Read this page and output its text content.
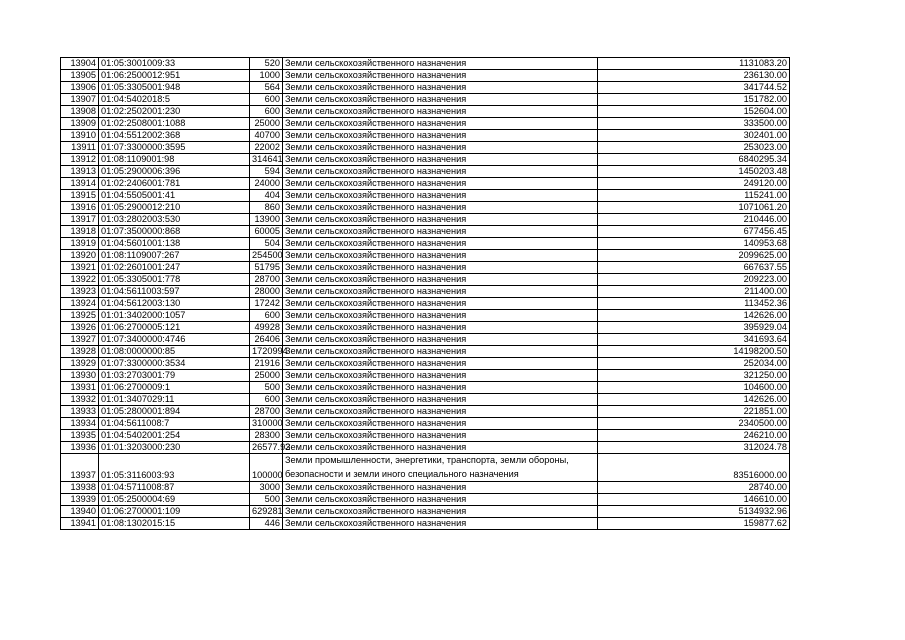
13904	01:05:3001009:33	520	Земли сельскохозяйственного назначения	1131083.20
13905	01:06:2500012:951	1000	Земли сельскохозяйственного назначения	236130.00
13906	01:05:3305001:948	564	Земли сельскохозяйственного назначения	341744.52
13907	01:04:5402018:5	600	Земли сельскохозяйственного назначения	151782.00
13908	01:02:2502001:230	600	Земли сельскохозяйственного назначения	152604.00
13909	01:02:2508001:1088	25000	Земли сельскохозяйственного назначения	333500.00
13910	01:04:5512002:368	40700	Земли сельскохозяйственного назначения	302401.00
13911	01:07:3300000:3595	22002	Земли сельскохозяйственного назначения	253023.00
13912	01:08:1109001:98	314641	Земли сельскохозяйственного назначения	6840295.34
13913	01:05:2900006:396	594	Земли сельскохозяйственного назначения	1450203.48
13914	01:02:2406001:781	24000	Земли сельскохозяйственного назначения	249120.00
13915	01:04:5505001:41	404	Земли сельскохозяйственного назначения	115241.00
13916	01:05:2900012:210	860	Земли сельскохозяйственного назначения	1071061.20
13917	01:03:2802003:530	13900	Земли сельскохозяйственного назначения	210446.00
13918	01:07:3500000:868	60005	Земли сельскохозяйственного назначения	677456.45
13919	01:04:5601001:138	504	Земли сельскохозяйственного назначения	140953.68
13920	01:08:1109007:267	254500	Земли сельскохозяйственного назначения	2099625.00
13921	01:02:2601001:247	51795	Земли сельскохозяйственного назначения	667637.55
13922	01:05:3305001:778	28700	Земли сельскохозяйственного назначения	209223.00
13923	01:04:5611003:597	28000	Земли сельскохозяйственного назначения	211400.00
13924	01:04:5612003:130	17242	Земли сельскохозяйственного назначения	113452.36
13925	01:01:3402000:1057	600	Земли сельскохозяйственного назначения	142626.00
13926	01:06:2700005:121	49928	Земли сельскохозяйственного назначения	395929.04
13927	01:07:3400000:4746	26406	Земли сельскохозяйственного назначения	341693.64
13928	01:08:0000000:85	1720994	Земли сельскохозяйственного назначения	14198200.50
13929	01:07:3300000:3534	21916	Земли сельскохозяйственного назначения	252034.00
13930	01:03:2703001:79	25000	Земли сельскохозяйственного назначения	321250.00
13931	01:06:2700009:1	500	Земли сельскохозяйственного назначения	104600.00
13932	01:01:3407029:11	600	Земли сельскохозяйственного назначения	142626.00
13933	01:05:2800001:894	28700	Земли сельскохозяйственного назначения	221851.00
13934	01:04:5611008:7	310000	Земли сельскохозяйственного назначения	2340500.00
13935	01:04:5402001:254	28300	Земли сельскохозяйственного назначения	246210.00
13936	01:01:3203000:230	26577.92	Земли сельскохозяйственного назначения	312024.78
13937	01:05:3116003:93	100000	Земли промышленности, энергетики, транспорта, земли обороны, безопасности и земли иного специального назначения	83516000.00
13938	01:04:5711008:87	3000	Земли сельскохозяйственного назначения	28740.00
13939	01:05:2500004:69	500	Земли сельскохозяйственного назначения	146610.00
13940	01:06:2700001:109	629281	Земли сельскохозяйственного назначения	5134932.96
13941	01:08:1302015:15	446	Земли сельскохозяйственного назначения	159877.62
